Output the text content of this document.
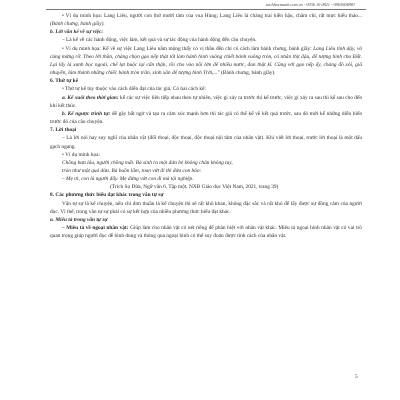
sachhocmanh.com.vn - 0936 10 0821 - 0963004881

• Ví dụ minh họa: Lang Liêu, người con thứ mười tám của vua Hùng; Lang Liêu là chàng trai hiền hậu, chăm chỉ, rất mực hiếu thảo... (Bánh chưng, bánh giầy).

b. Lời văn kể về sự việc:

– Là kể về các hành động, việc làm, kết quả và sự tác động của hành động đến câu chuyện.

• Ví dụ minh họa: Kể về sự việc Lang Liêu nằm mộng thấy có vị thần đến chỉ có cách làm bánh chưng, bánh giầy: Lang Liêu tỉnh dậy, vô cùng mừng rỡ. Theo lời thần, chàng chọn gạo nếp thật tốt làm bánh hình vuông chiết bánh vuông tròn, có nhân thịt đậu, để tượng hình cho Đất. Lại lấy lá xanh bọc ngoài, chế lạt buộc lại cẩn thận, rồi cho vào nồi lớn để nhiều nước, đun thật kĩ. Cũng với gạo nếp ấy, chàng đồ xôi, giã nhuyễn, làm thành những chiếc bánh tròn trắn, xinh xắn để tượng hình Trời,..." (Bánh chưng, bánh giầy).

6. Thứ tự kể

• Thứ tự kể tùy thuộc vào cách diễn đạt của tác giả. Có hai cách kể:

a. Kể xuôi theo thời gian: kể các sự việc liên tiếp nhau theo tự nhiên, việc gì xảy ra trước thì kể trước, việc gì xảy ra sau thì kể sau cho đến khi kết thúc.

b. Kể ngược trình tự: để gây bất ngờ và tạo ra cảm xúc mạnh hơn thì tác giả có thể kể về kết quả trước, sau đó mới kể những diễn biến trước đó của câu chuyện.

7. Lời thoại

– Là lời nói hay suy nghĩ của nhân vật (đối thoại, độc thoại, độc thoại nội tâm của nhân vật). Khi viết lời thoại, trước lời thoại là một dấu gạch ngang.

• Ví dụ minh họa:

Chồng bưa lâu, người chồng mất. Bà sinh ra một đứa bé không chân không tay,

tròn như một quả dừa. Bà buồn lắm, toan vứt đi thì đứa con bảo:

– Mẹ ơi, con là người đấy. Mẹ đừng vứt con đi mà tội nghiệp.

(Trích Sọ Dừa, Ngữ văn 6, Tập một, NXB Giáo dục Việt Nam, 2021, trang 39)

8. Các phương thức biểu đạt khác trong văn tự sự

Văn tự sự là kể chuyện, nếu chỉ đơn thuần là kể chuyện thì sẽ rất khô khan, không đặc sắc và rất khó để lấy được sự đồng cảm của người đọc. Vì thế, trong văn tự sự phải có sự kết hợp của nhiều phương thức biểu đạt khác.

a. Miêu tả trong văn tự sự

– Miêu tả về ngoại nhân vật: Giúp làm cho nhân vật có nét riêng để phân biệt với nhân vật khác. Miêu tả ngoại hình nhân vật có vai trò quan trọng giúp người đọc dễ hình dung và thông qua ngoại hình có thể suy đoán được tính cách của nhân vật.

5
